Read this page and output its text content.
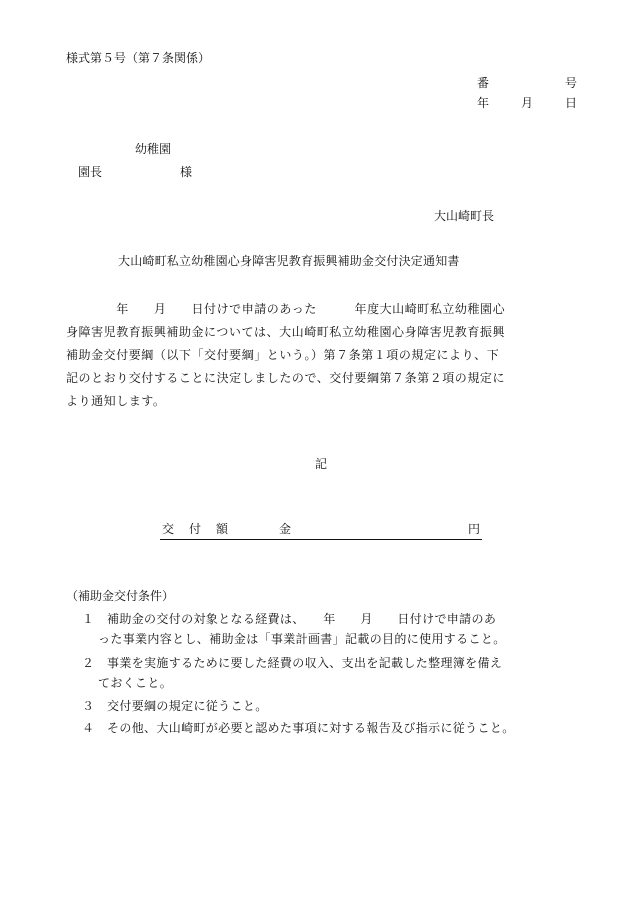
様式第５号（第７条関係）
番	号
年	月	日
幼稚園
園長	様
大山崎町長
大山崎町私立幼稚園心身障害児教育振興補助金交付決定通知書
　　　　年　　月　　日付けで申請のあった　　　年度大山崎町私立幼稚園心
身障害児教育振興補助金については、大山崎町私立幼稚園心身障害児教育振興
補助金交付要綱（以下「交付要綱」という。）第７条第１項の規定により、下
記のとおり交付することに決定しましたので、交付要綱第７条第２項の規定に
より通知します。
記
交付額	金	円
（補助金交付条件）
１ 補助金の交付の対象となる経費は、　　年　　月　　日付けで申請のあ
った事業内容とし、補助金は「事業計画書」記載の目的に使用すること。
２ 事業を実施するために要した経費の収入、支出を記載した整理簿を備え
ておくこと。
３ 交付要綱の規定に従うこと。
４ その他、大山崎町が必要と認めた事項に対する報告及び指示に従うこと。
